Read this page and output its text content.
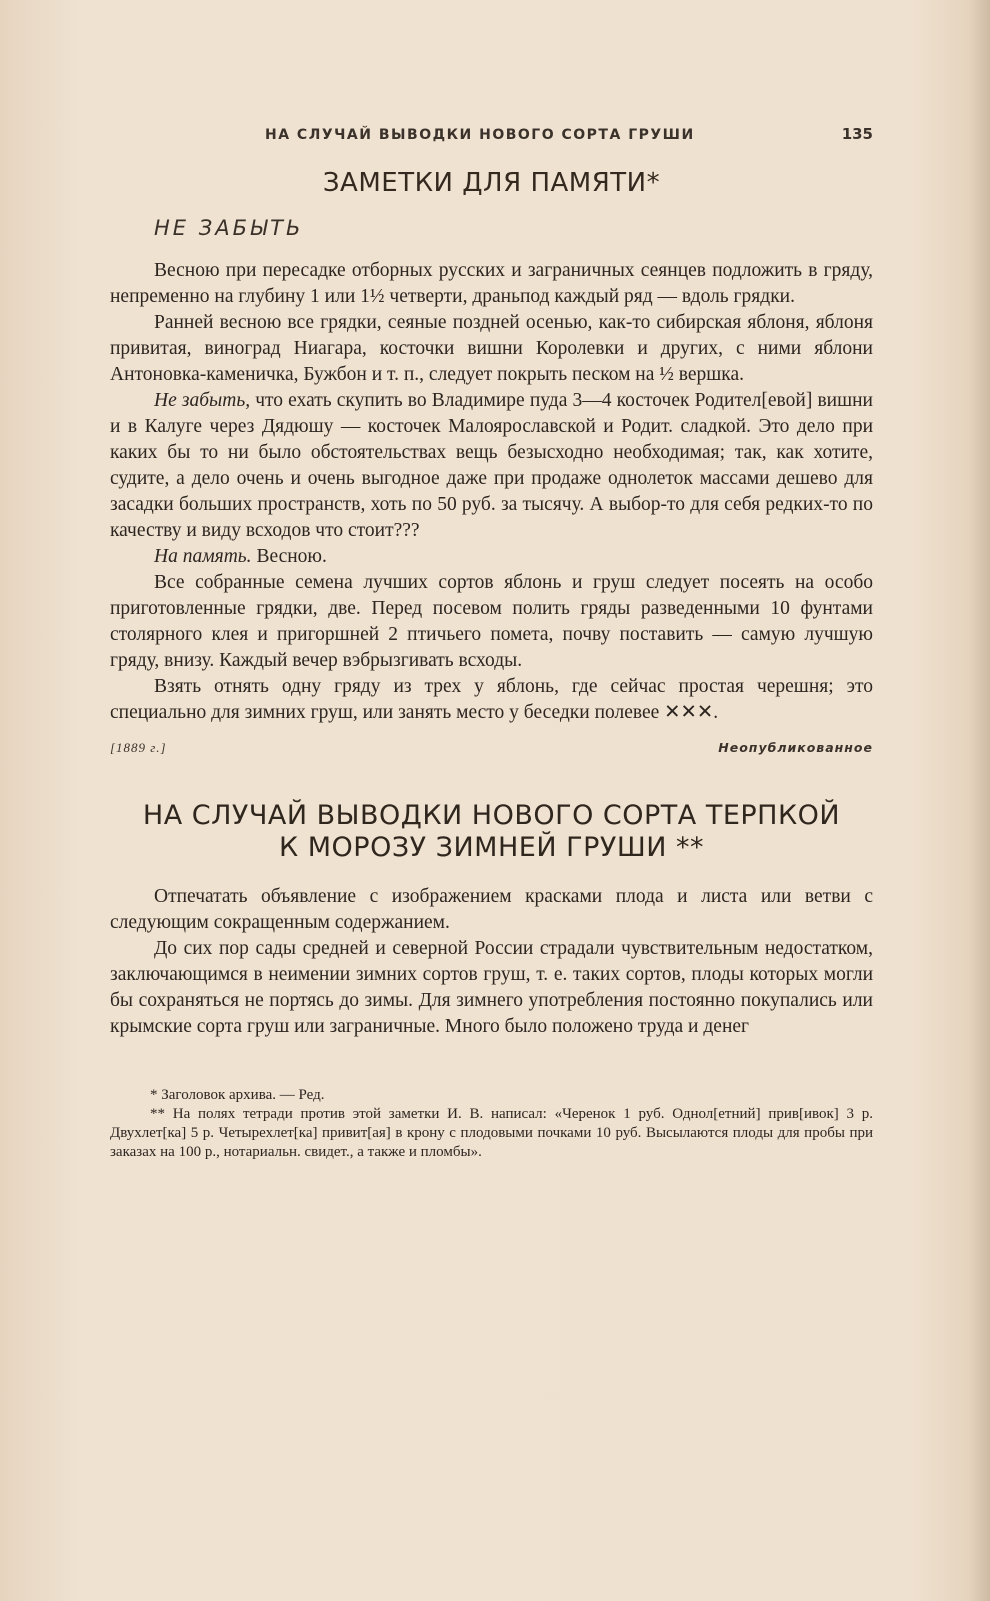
НА СЛУЧАЙ ВЫВОДКИ НОВОГО СОРТА ГРУШИ	135
ЗАМЕТКИ ДЛЯ ПАМЯТИ*
НЕ ЗАБЫТЬ

Весною при пересадке отборных русских и заграничных сеянцев подложить в гряду, непременно на глубину 1 или 1½ четверти, драньпод каждый ряд — вдоль грядки.

Ранней весною все грядки, сеяные поздней осенью, как-то сибирская яблоня, яблоня привитая, виноград Ниагара, косточки вишни Королевки и других, с ними яблони Антоновка-каменичка, Бужбон и т. п., следует покрыть песком на ½ вершка.

Не забыть, что ехать скупить во Владимире пуда 3—4 косточек Родител[евой] вишни и в Калуге через Дядюшу — косточек Малоярославской и Родит. сладкой. Это дело при каких бы то ни было обстоятельствах вещь безысходно необходимая; так, как хотите, судите, а дело очень и очень выгодное даже при продаже однолеток массами дешево для засадки больших пространств, хоть по 50 руб. за тысячу. А выбор-то для себя редких-то по качеству и виду всходов что стоит???

На память. Весною.

Все собранные семена лучших сортов яблонь и груш следует посеять на особо приготовленные грядки, две. Перед посевом полить гряды разведенными 10 фунтами столярного клея и пригоршней 2 птичьего помета, почву поставить — самую лучшую гряду, внизу. Каждый вечер вэбрызгивать всходы.

Взять отнять одну гряду из трех у яблонь, где сейчас простая черешня; это специально для зимних груш, или занять место у беседки полевее ✕✕✕.

[1889 г.]	Неопубликованное
НА СЛУЧАЙ ВЫВОДКИ НОВОГО СОРТА ТЕРПКОЙ
К МОРОЗУ ЗИМНЕЙ ГРУШИ **

Отпечатать объявление с изображением красками плода и листа или ветви с следующим сокращенным содержанием.

До сих пор сады средней и северной России страдали чувствительным недостатком, заключающимся в неимении зимних сортов груш, т. е. таких сортов, плоды которых могли бы сохраняться не портясь до зимы. Для зимнего употребления постоянно покупались или крымские сорта груш или заграничные. Много было положено труда и денег

* Заголовок архива. — Ред.

** На полях тетради против этой заметки И. В. написал: «Черенок 1 руб. Однол[етний] прив[ивок] 3 р. Двухлет[ка] 5 р. Четырехлет[ка] привит[ая] в крону с плодовыми почками 10 руб. Высылаются плоды для пробы при заказах на 100 р., нотариальн. свидет., а также и пломбы».
